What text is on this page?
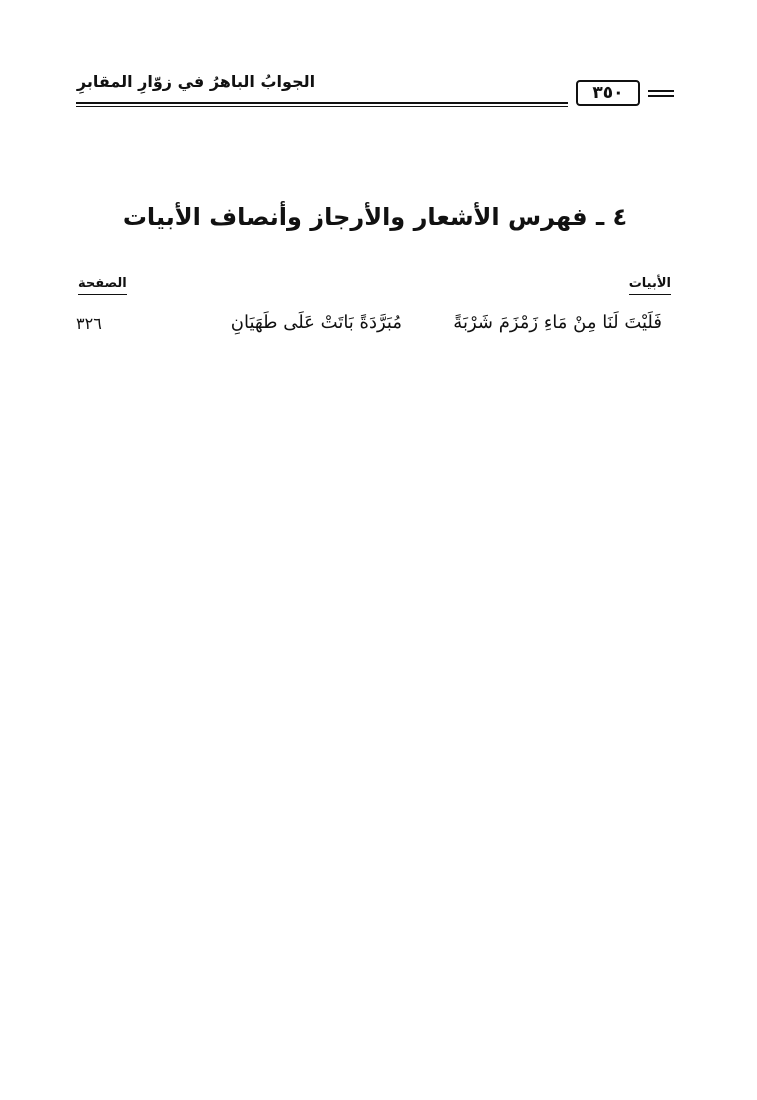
الجوابُ الباهرُ في زوّارِ المقابرِ
٣٥٠
٤ ـ فهرس الأشعار والأرجاز وأنصاف الأبيات
الأبيات
الصفحة
فَلَيْتَ لَنَا مِنْ مَاءِ زَمْزَمَ شَرْبَةً
مُبَرَّدَةً بَاتَتْ عَلَى طَهَيَانِ
٣٢٦
